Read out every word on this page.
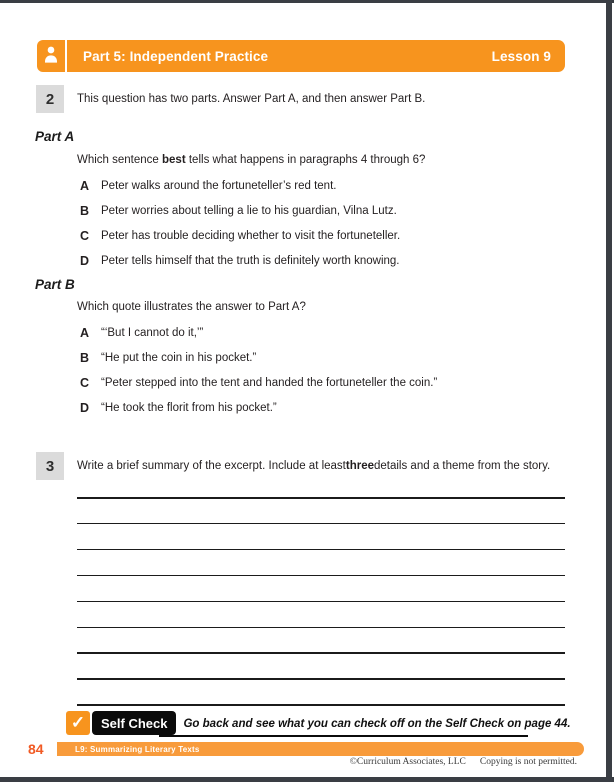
Part 5: Independent Practice	Lesson 9
2	This question has two parts. Answer Part A, and then answer Part B.
Part A
Which sentence best tells what happens in paragraphs 4 through 6?
A	Peter walks around the fortuneteller’s red tent.
B	Peter worries about telling a lie to his guardian, Vilna Lutz.
C	Peter has trouble deciding whether to visit the fortuneteller.
D	Peter tells himself that the truth is definitely worth knowing.
Part B
Which quote illustrates the answer to Part A?
A	“‘But I cannot do it,’”
B	“He put the coin in his pocket.”
C	“Peter stepped into the tent and handed the fortuneteller the coin.”
D	“He took the florit from his pocket.”
3	Write a brief summary of the excerpt. Include at least three details and a theme from the story.
✓	Self Check	Go back and see what you can check off on the Self Check on page 44.
84	L9: Summarizing Literary Texts
©Curriculum Associates, LLC Copying is not permitted.
